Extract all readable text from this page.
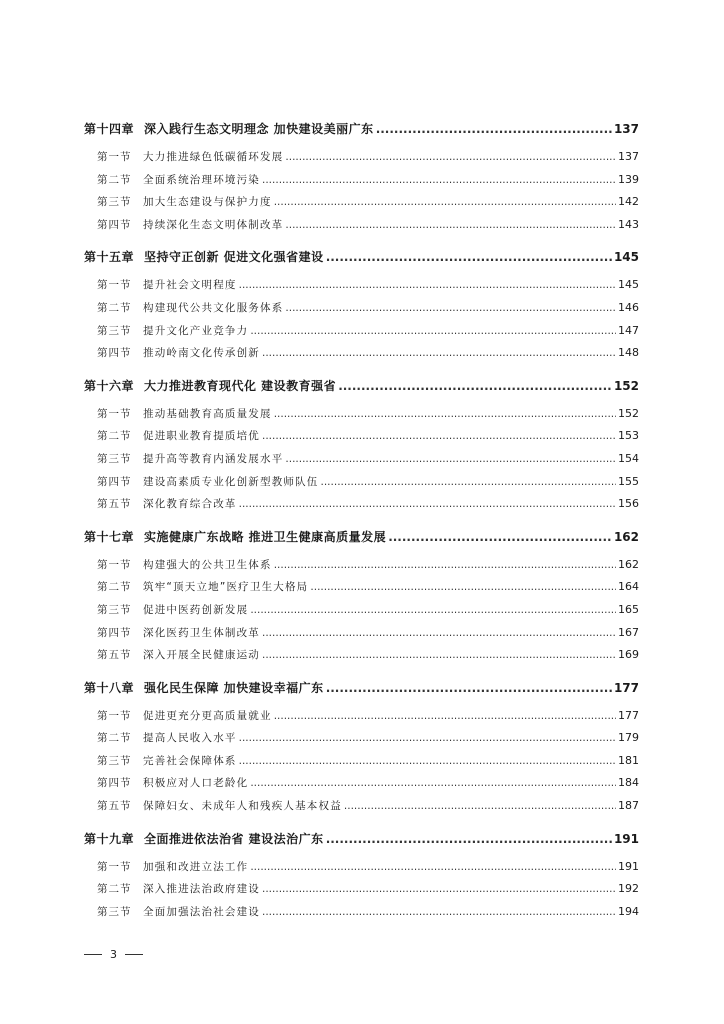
第十四章 深入践行生态文明理念 加快建设美丽广东 .....	137
第一节	大力推进绿色低碳循环发展 .....	137
第二节	全面系统治理环境污染 .....	139
第三节	加大生态建设与保护力度 .....	142
第四节	持续深化生态文明体制改革 .....	143
第十五章 坚持守正创新 促进文化强省建设 .....	145
第一节	提升社会文明程度 .....	145
第二节	构建现代公共文化服务体系 .....	146
第三节	提升文化产业竞争力 .....	147
第四节	推动岭南文化传承创新 .....	148
第十六章 大力推进教育现代化 建设教育强省 .....	152
第一节	推动基础教育高质量发展 .....	152
第二节	促进职业教育提质培优 .....	153
第三节	提升高等教育内涵发展水平 .....	154
第四节	建设高素质专业化创新型教师队伍 .....	155
第五节	深化教育综合改革 .....	156
第十七章 实施健康广东战略 推进卫生健康高质量发展 .....	162
第一节	构建强大的公共卫生体系 .....	162
第二节	筑牢“顶天立地”医疗卫生大格局 .....	164
第三节	促进中医药创新发展 .....	165
第四节	深化医药卫生体制改革 .....	167
第五节	深入开展全民健康运动 .....	169
第十八章 强化民生保障 加快建设幸福广东 .....	177
第一节	促进更充分更高质量就业 .....	177
第二节	提高人民收入水平 .....	179
第三节	完善社会保障体系 .....	181
第四节	积极应对人口老龄化 .....	184
第五节	保障妇女、未成年人和残疾人基本权益 .....	187
第十九章 全面推进依法治省 建设法治广东 .....	191
第一节	加强和改进立法工作 .....	191
第二节	深入推进法治政府建设 .....	192
第三节	全面加强法治社会建设 .....	194
3
